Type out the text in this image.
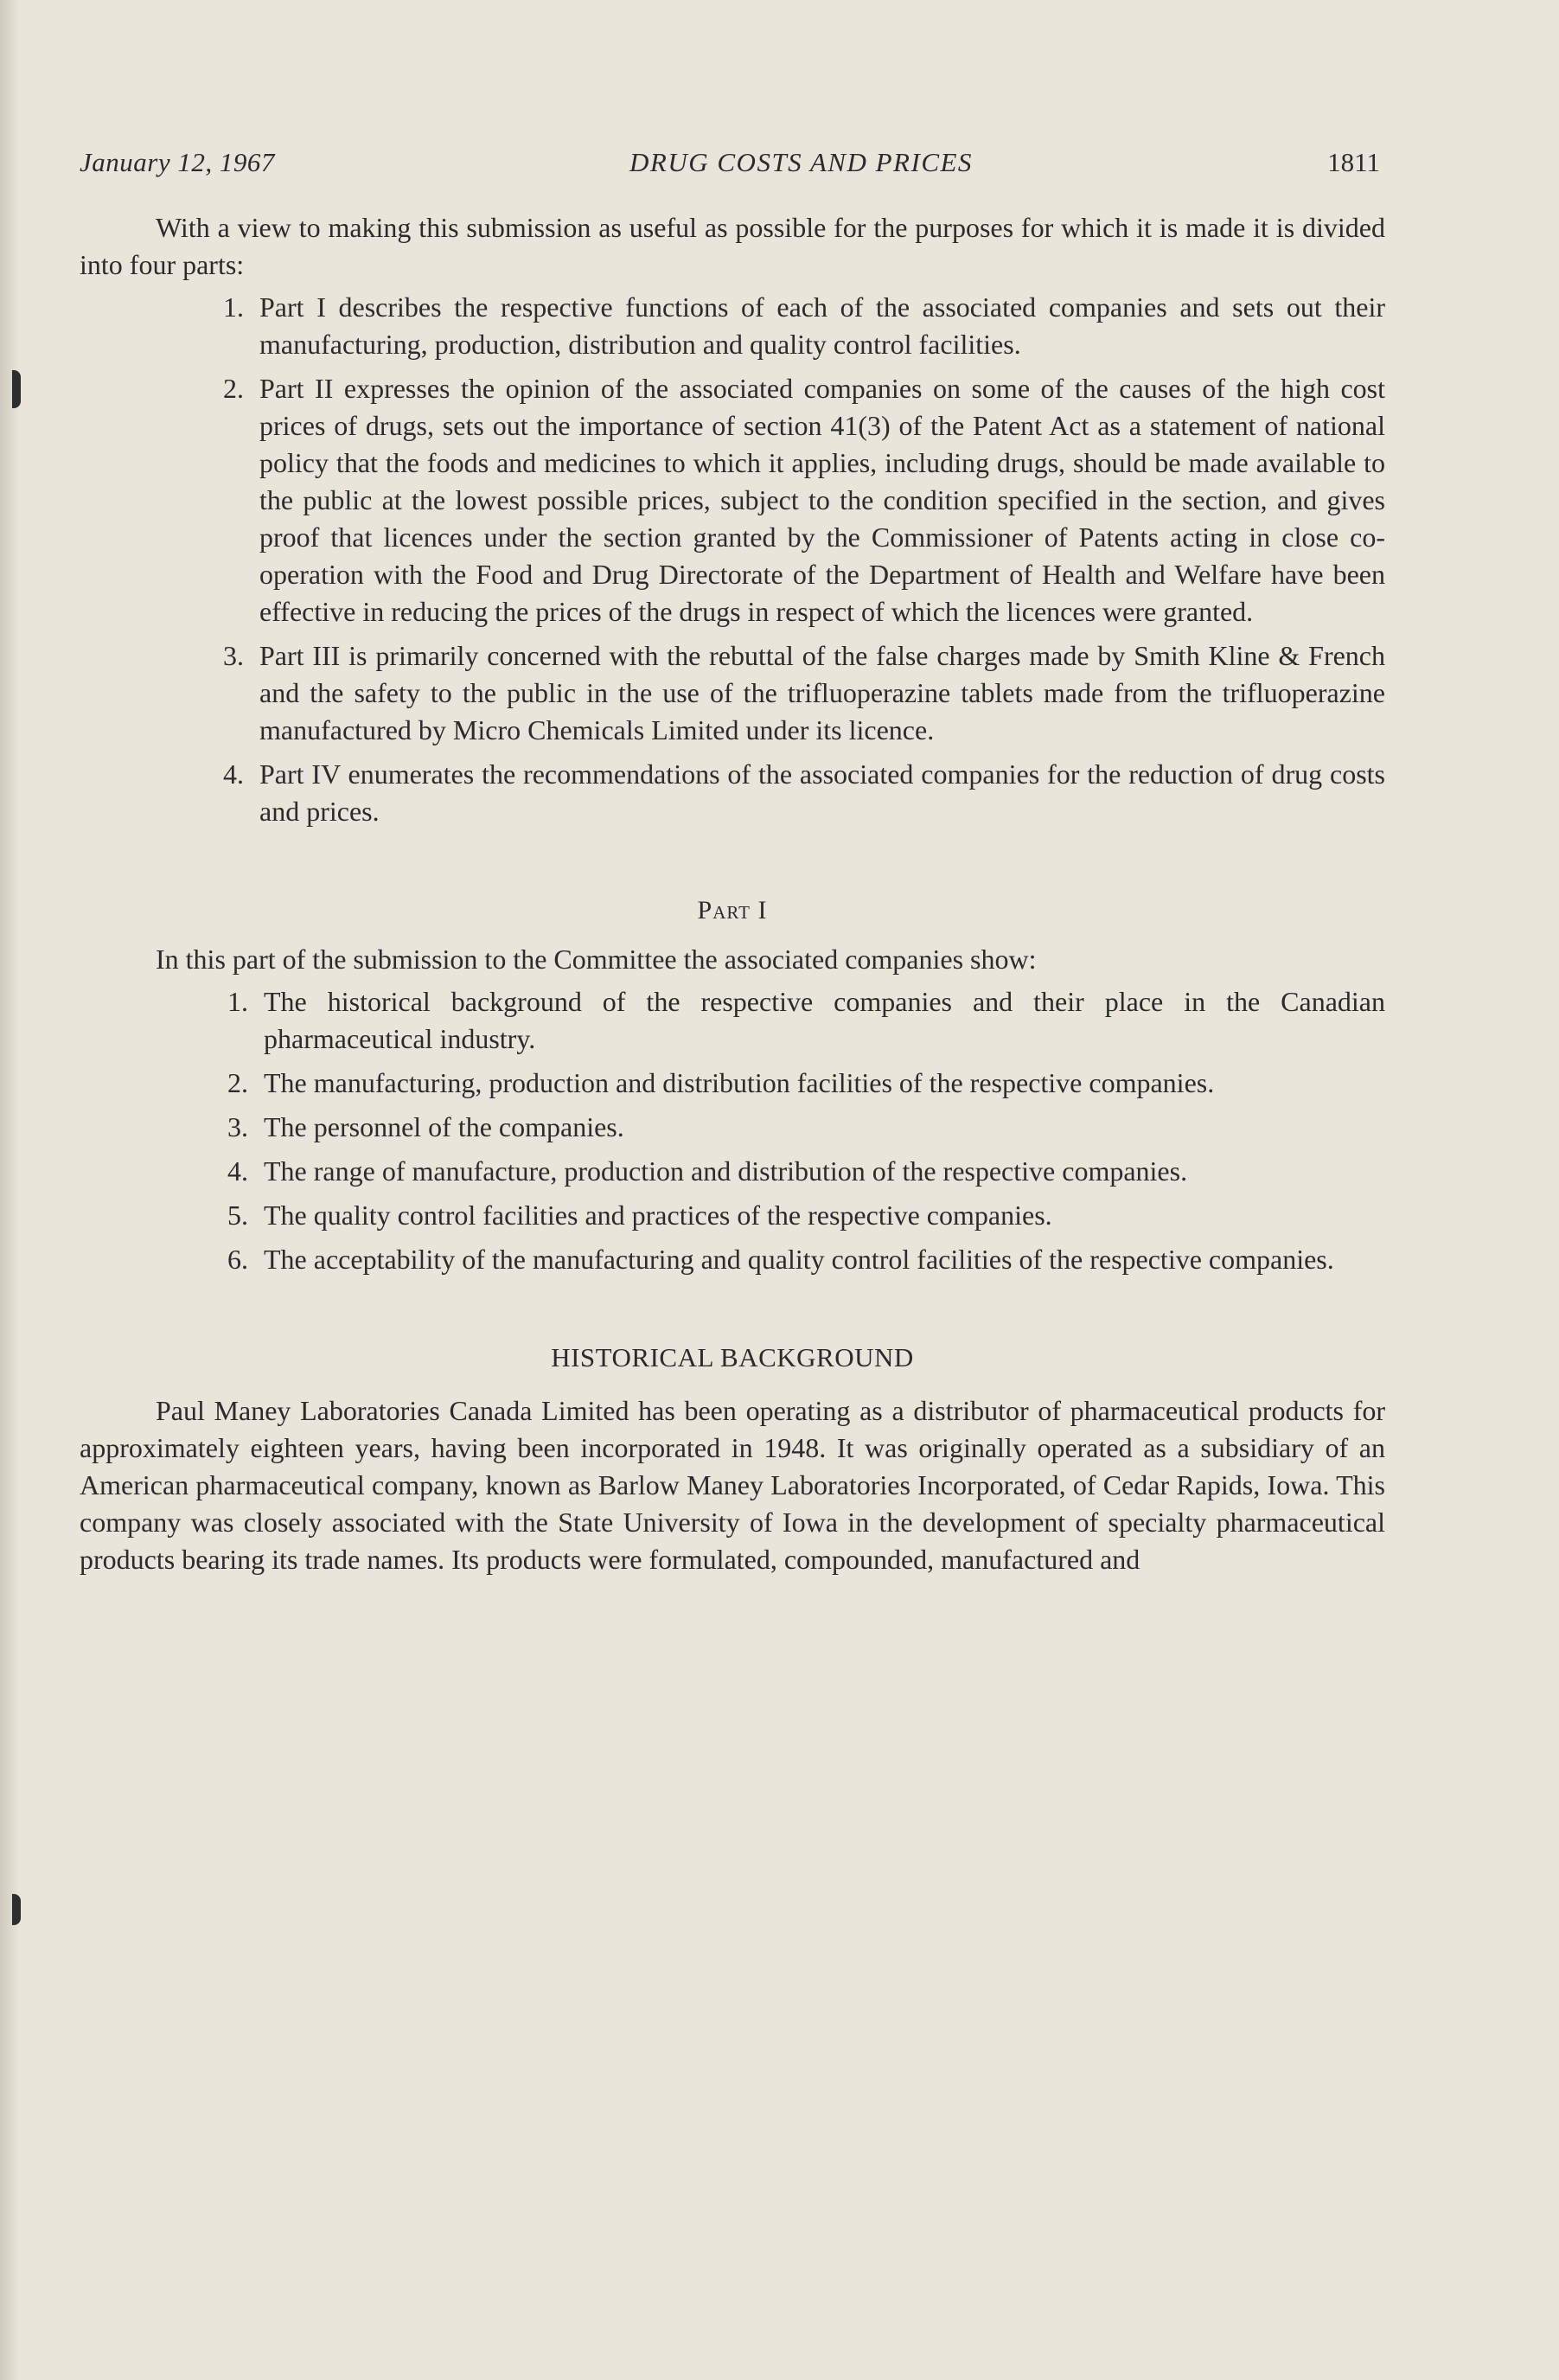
January 12, 1967	DRUG COSTS AND PRICES	1811

With a view to making this submission as useful as possible for the purposes for which it is made it is divided into four parts:

1. Part I describes the respective functions of each of the associated companies and sets out their manufacturing, production, distribution and quality control facilities.
2. Part II expresses the opinion of the associated companies on some of the causes of the high cost prices of drugs, sets out the importance of section 41(3) of the Patent Act as a statement of national policy that the foods and medicines to which it applies, including drugs, should be made available to the public at the lowest possible prices, subject to the condition specified in the section, and gives proof that licences under the section granted by the Commissioner of Patents acting in close co-operation with the Food and Drug Directorate of the Department of Health and Welfare have been effective in reducing the prices of the drugs in respect of which the licences were granted.
3. Part III is primarily concerned with the rebuttal of the false charges made by Smith Kline & French and the safety to the public in the use of the trifluoperazine tablets made from the trifluoperazine manufactured by Micro Chemicals Limited under its licence.
4. Part IV enumerates the recommendations of the associated companies for the reduction of drug costs and prices.
Part I

In this part of the submission to the Committee the associated companies show:

1. The historical background of the respective companies and their place in the Canadian pharmaceutical industry.
2. The manufacturing, production and distribution facilities of the respective companies.
3. The personnel of the companies.
4. The range of manufacture, production and distribution of the respective companies.
5. The quality control facilities and practices of the respective companies.
6. The acceptability of the manufacturing and quality control facilities of the respective companies.
HISTORICAL BACKGROUND

Paul Maney Laboratories Canada Limited has been operating as a distributor of pharmaceutical products for approximately eighteen years, having been incorporated in 1948. It was originally operated as a subsidiary of an American pharmaceutical company, known as Barlow Maney Laboratories Incorporated, of Cedar Rapids, Iowa. This company was closely associated with the State University of Iowa in the development of specialty pharmaceutical products bearing its trade names. Its products were formulated, compounded, manufactured and
